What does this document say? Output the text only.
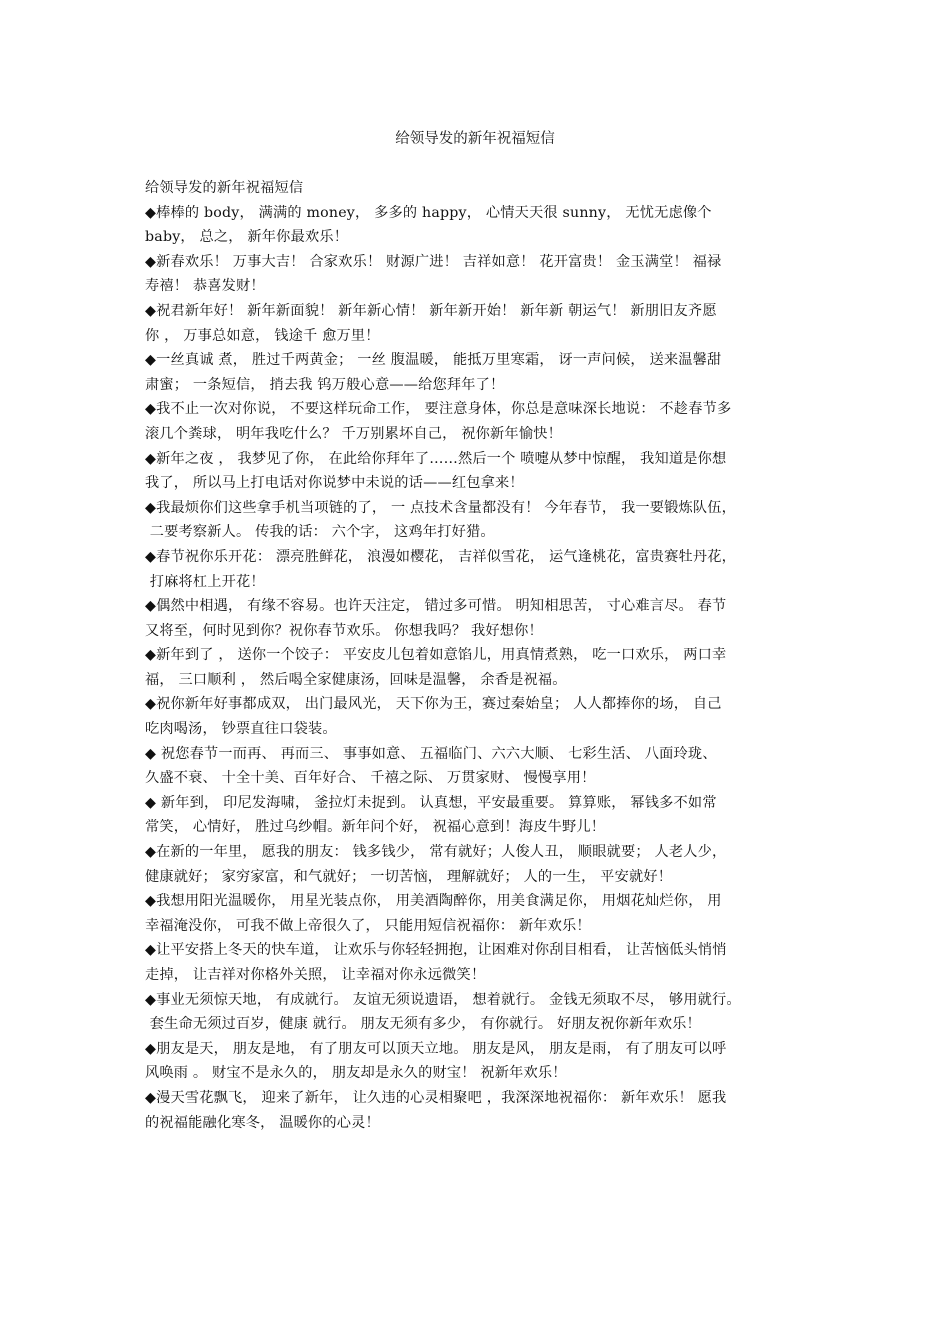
给领导发的新年祝福短信
给领导发的新年祝福短信
◆棒棒的 body， 满满的 money， 多多的 happy， 心情天天很 sunny， 无忧无虑像个
baby， 总之， 新年你最欢乐！
◆新春欢乐！ 万事大吉！ 合家欢乐！ 财源广进！ 吉祥如意！ 花开富贵！ 金玉满堂！ 福禄
寿禧！ 恭喜发财！
◆祝君新年好！ 新年新面貌！ 新年新心情！ 新年新开始！ 新年新 朝运气！ 新朋旧友齐愿
你 ， 万事总如意， 钱途千 愈万里！
◆一丝真诚 煮， 胜过千两黄金； 一丝 腹温暖， 能抵万里寒霜， 讶一声问候， 送来温馨甜
肃蜜； 一条短信， 捎去我 钨万般心意——给您拜年了！
◆我不止一次对你说， 不要这样玩命工作， 要注意身体，你总是意味深长地说： 不趁春节多
滚几个粪球， 明年我吃什么？ 千万别累坏自己， 祝你新年愉快！
◆新年之夜 ， 我梦见了你， 在此给你拜年了……然后一个 喷嚏从梦中惊醒， 我知道是你想
我了， 所以马上打电话对你说梦中未说的话——红包拿来！
◆我最烦你们这些拿手机当项链的了， 一 点技术含量都没有！ 今年春节， 我一要锻炼队伍，
二要考察新人。 传我的话： 六个字， 这鸡年打好猎。
◆春节祝你乐开花： 漂亮胜鲜花， 浪漫如樱花， 吉祥似雪花， 运气逢桃花，富贵赛牡丹花，
打麻将杠上开花！
◆偶然中相遇， 有缘不容易。也许天注定， 错过多可惜。 明知相思苦， 寸心难言尽。 春节
又将至，何时见到你？祝你春节欢乐。 你想我吗？ 我好想你！
◆新年到了 ， 送你一个饺子： 平安皮儿包着如意馅儿，用真情煮熟， 吃一口欢乐， 两口幸
福， 三口顺利 ， 然后喝全家健康汤，回味是温馨， 余香是祝福。
◆祝你新年好事都成双， 出门最风光， 天下你为王，赛过秦始皇； 人人都捧你的场， 自己
吃肉喝汤， 钞票直往口袋装。
◆ 祝您春节一而再、 再而三、 事事如意、 五福临门、六六大顺、 七彩生活、 八面玲珑、
久盛不衰、 十全十美、百年好合、 千禧之际、 万贯家财、 慢慢享用！
◆ 新年到， 印尼发海啸， 釜拉灯未捉到。 认真想，平安最重要。 算算账， 幂钱多不如常
常笑， 心情好， 胜过乌纱帽。新年问个好， 祝福心意到！海皮牛野儿！
◆在新的一年里， 愿我的朋友： 钱多钱少， 常有就好；人俊人丑， 顺眼就要； 人老人少，
健康就好； 家穷家富，和气就好； 一切苦恼， 理解就好； 人的一生， 平安就好！
◆我想用阳光温暖你， 用星光装点你， 用美酒陶醉你，用美食满足你， 用烟花灿烂你， 用
幸福淹没你， 可我不做上帝很久了， 只能用短信祝福你： 新年欢乐！
◆让平安搭上冬天的快车道， 让欢乐与你轻轻拥抱，让困难对你刮目相看， 让苦恼低头悄悄
走掉， 让吉祥对你格外关照， 让幸福对你永远微笑！
◆事业无须惊天地， 有成就行。 友谊无须说遗语， 想着就行。 金钱无须取不尽， 够用就行。
套生命无须过百岁，健康 就行。 朋友无须有多少， 有你就行。 好朋友祝你新年欢乐！
◆朋友是天， 朋友是地， 有了朋友可以顶天立地。 朋友是风， 朋友是雨， 有了朋友可以呼
风唤雨 。 财宝不是永久的， 朋友却是永久的财宝！ 祝新年欢乐！
◆漫天雪花飘飞， 迎来了新年， 让久违的心灵相聚吧 ，我深深地祝福你： 新年欢乐！ 愿我
的祝福能融化寒冬， 温暖你的心灵！
